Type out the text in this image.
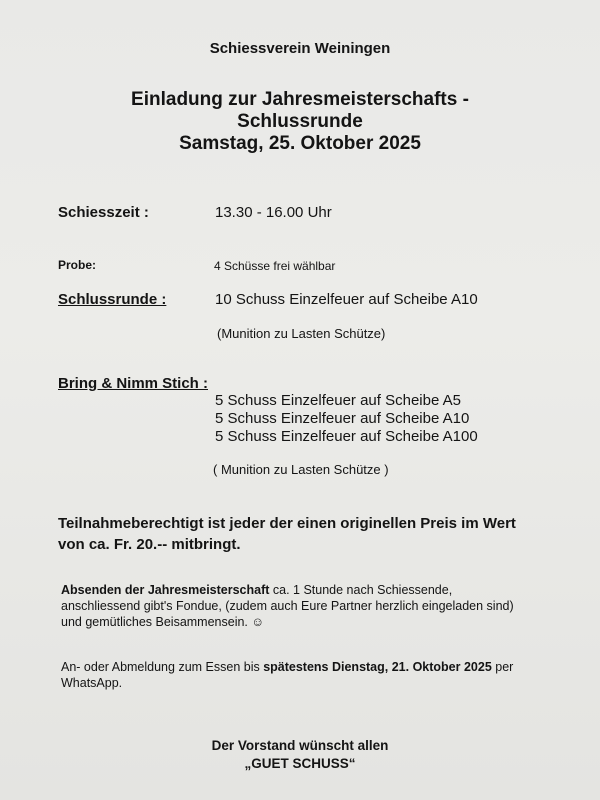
Schiessverein Weiningen
Einladung zur Jahresmeisterschafts -
Schlussrunde
Samstag, 25. Oktober 2025
Schiesszeit :	13.30 - 16.00 Uhr
Probe:	4 Schüsse frei wählbar
Schlussrunde :	10 Schuss Einzelfeuer auf Scheibe A10
(Munition zu Lasten Schütze)
Bring & Nimm Stich :
5 Schuss Einzelfeuer auf Scheibe A5
5 Schuss Einzelfeuer auf Scheibe A10
5 Schuss Einzelfeuer auf Scheibe A100
( Munition zu Lasten Schütze )
Teilnahmeberechtigt ist jeder der einen originellen Preis im Wert
von ca. Fr. 20.-- mitbringt.
Absenden der Jahresmeisterschaft ca. 1 Stunde nach Schiessende,
anschliessend gibt's Fondue, (zudem auch Eure Partner herzlich eingeladen sind)
und gemütliches Beisammensein. ☺
An- oder Abmeldung zum Essen bis spätestens Dienstag, 21. Oktober 2025 per
WhatsApp.
Der Vorstand wünscht allen
„GUET SCHUSS“
